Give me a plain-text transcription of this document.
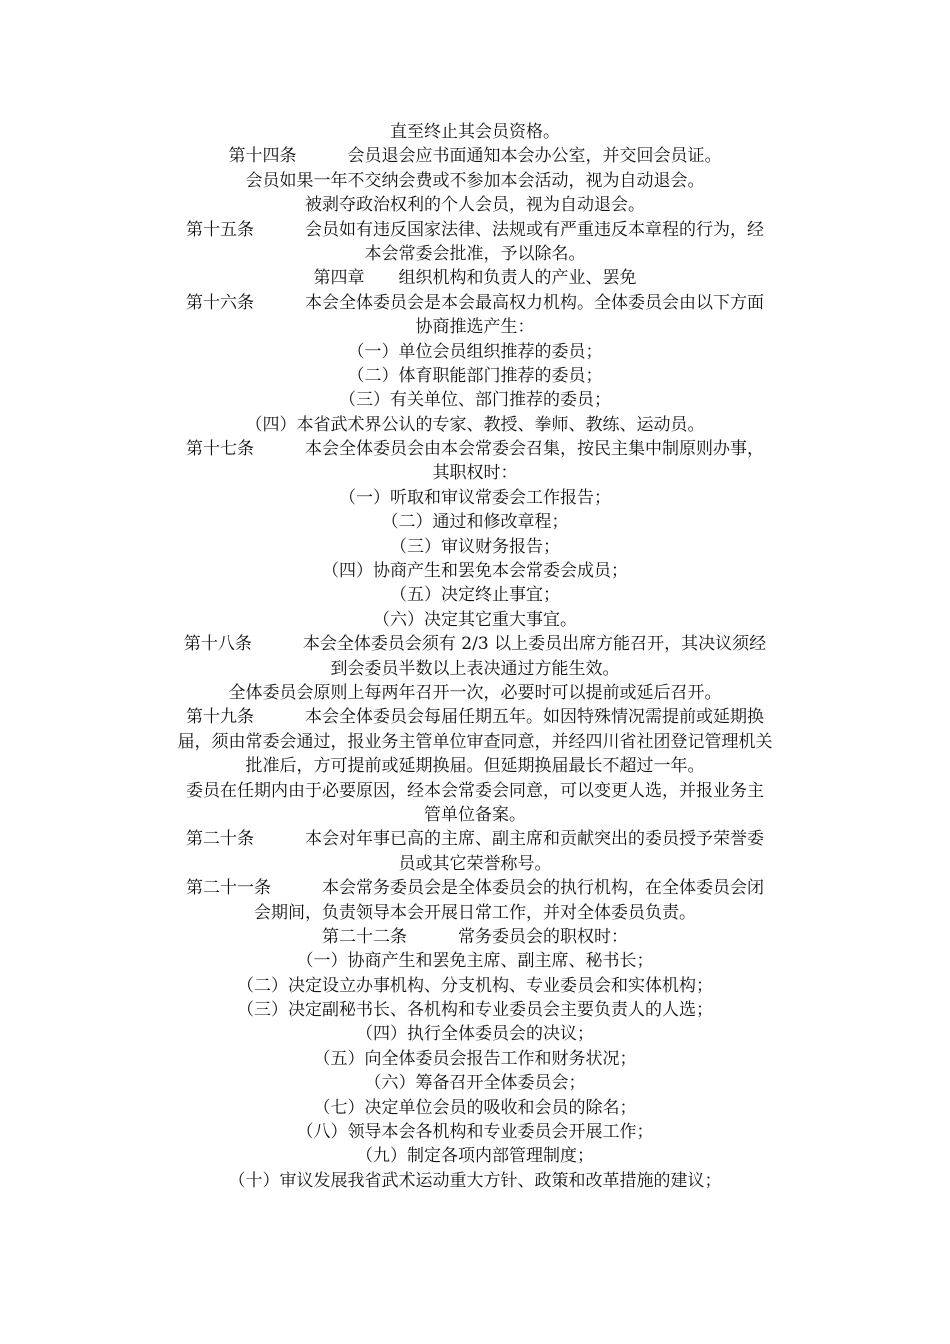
直至终止其会员资格。
第十四条　　　会员退会应书面通知本会办公室，并交回会员证。
会员如果一年不交纳会费或不参加本会活动，视为自动退会。
被剥夺政治权利的个人会员，视为自动退会。
第十五条　　　会员如有违反国家法律、法规或有严重违反本章程的行为，经
本会常委会批准，予以除名。
第四章　　组织机构和负责人的产业、罢免
第十六条　　　本会全体委员会是本会最高权力机构。全体委员会由以下方面
协商推选产生：
（一）单位会员组织推荐的委员；
（二）体育职能部门推荐的委员；
（三）有关单位、部门推荐的委员；
（四）本省武术界公认的专家、教授、拳师、教练、运动员。
第十七条　　　本会全体委员会由本会常委会召集，按民主集中制原则办事，
其职权时：
（一）听取和审议常委会工作报告；
（二）通过和修改章程；
（三）审议财务报告；
（四）协商产生和罢免本会常委会成员；
（五）决定终止事宜；
（六）决定其它重大事宜。
第十八条　　　本会全体委员会须有 2/3 以上委员出席方能召开，其决议须经
到会委员半数以上表决通过方能生效。
全体委员会原则上每两年召开一次，必要时可以提前或延后召开。
第十九条　　　本会全体委员会每届任期五年。如因特殊情况需提前或延期换
届，须由常委会通过，报业务主管单位审查同意，并经四川省社团登记管理机关
批准后，方可提前或延期换届。但延期换届最长不超过一年。
委员在任期内由于必要原因，经本会常委会同意，可以变更人选，并报业务主
管单位备案。
第二十条　　　本会对年事已高的主席、副主席和贡献突出的委员授予荣誉委
员或其它荣誉称号。
第二十一条　　　本会常务委员会是全体委员会的执行机构，在全体委员会闭
会期间，负责领导本会开展日常工作，并对全体委员负责。
第二十二条　　　常务委员会的职权时：
（一）协商产生和罢免主席、副主席、秘书长；
（二）决定设立办事机构、分支机构、专业委员会和实体机构；
（三）决定副秘书长、各机构和专业委员会主要负责人的人选；
（四）执行全体委员会的决议；
（五）向全体委员会报告工作和财务状况；
（六）筹备召开全体委员会；
（七）决定单位会员的吸收和会员的除名；
（八）领导本会各机构和专业委员会开展工作；
（九）制定各项内部管理制度；
（十）审议发展我省武术运动重大方针、政策和改革措施的建议；
